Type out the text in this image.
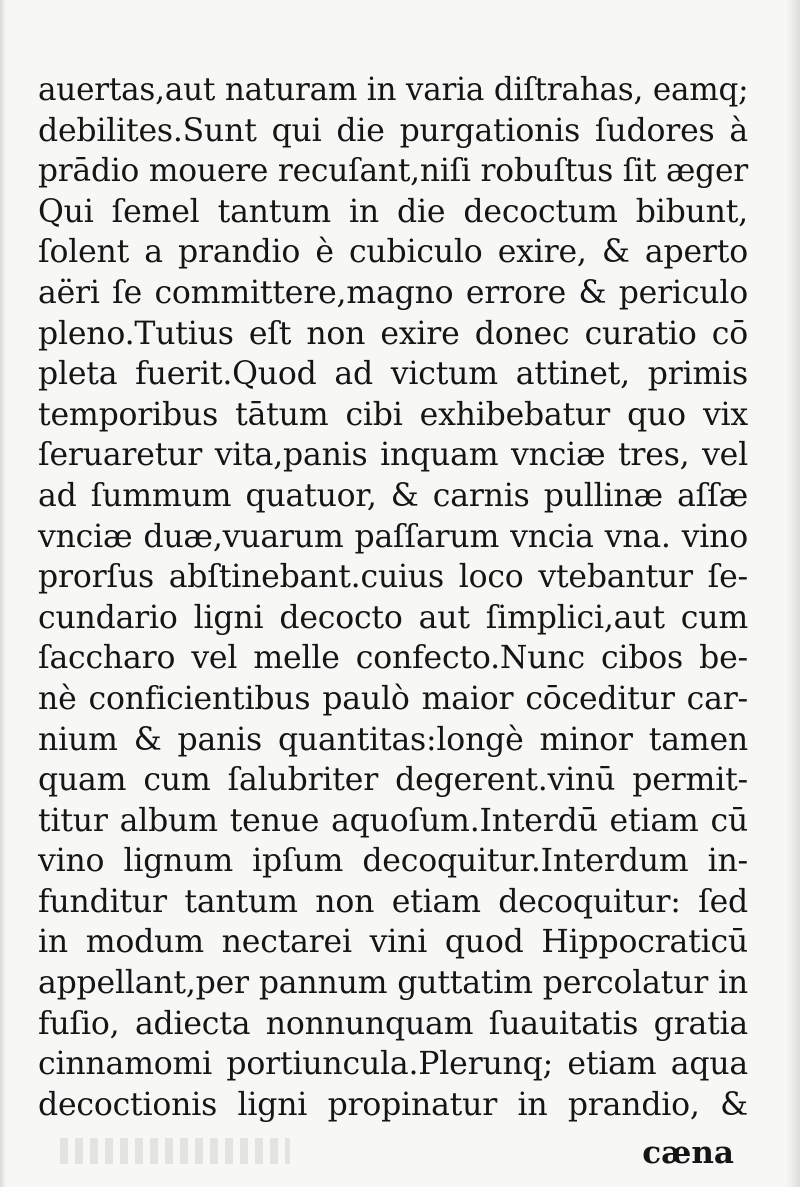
auertas,aut naturam in varia diſtrahas, eamq;
debilites.Sunt qui die purgationis ſudores à
prādio mouere recuſant,niſi robuſtus ſit æger
Qui ſemel tantum in die decoctum bibunt,
ſolent a prandio è cubiculo exire, & aperto
aëri ſe committere,magno errore & periculo
pleno.Tutius eſt non exire donec curatio cō
pleta fuerit.Quod ad victum attinet, primis
temporibus tātum cibi exhibebatur quo vix
ſeruaretur vita,panis inquam vnciæ tres, vel
ad ſummum quatuor, & carnis pullinæ aſſæ
vnciæ duæ,vuarum paſſarum vncia vna. vino
prorſus abſtinebant.cuius loco vtebantur ſe-
cundario ligni decocto aut ſimplici,aut cum
ſaccharo vel melle confecto.Nunc cibos be-
nè conficientibus paulò maior cōceditur car-
nium & panis quantitas:longè minor tamen
quam cum ſalubriter degerent.vinū permit-
titur album tenue aquoſum.Interdū etiam cū
vino lignum ipſum decoquitur.Interdum in-
funditur tantum non etiam decoquitur: ſed
in modum nectarei vini quod Hippocraticū
appellant,per pannum guttatim percolatur in
fuſio, adiecta nonnunquam ſuauitatis gratia
cinnamomi portiuncula.Plerunq; etiam aqua
decoctionis ligni propinatur in prandio, &
cæna
